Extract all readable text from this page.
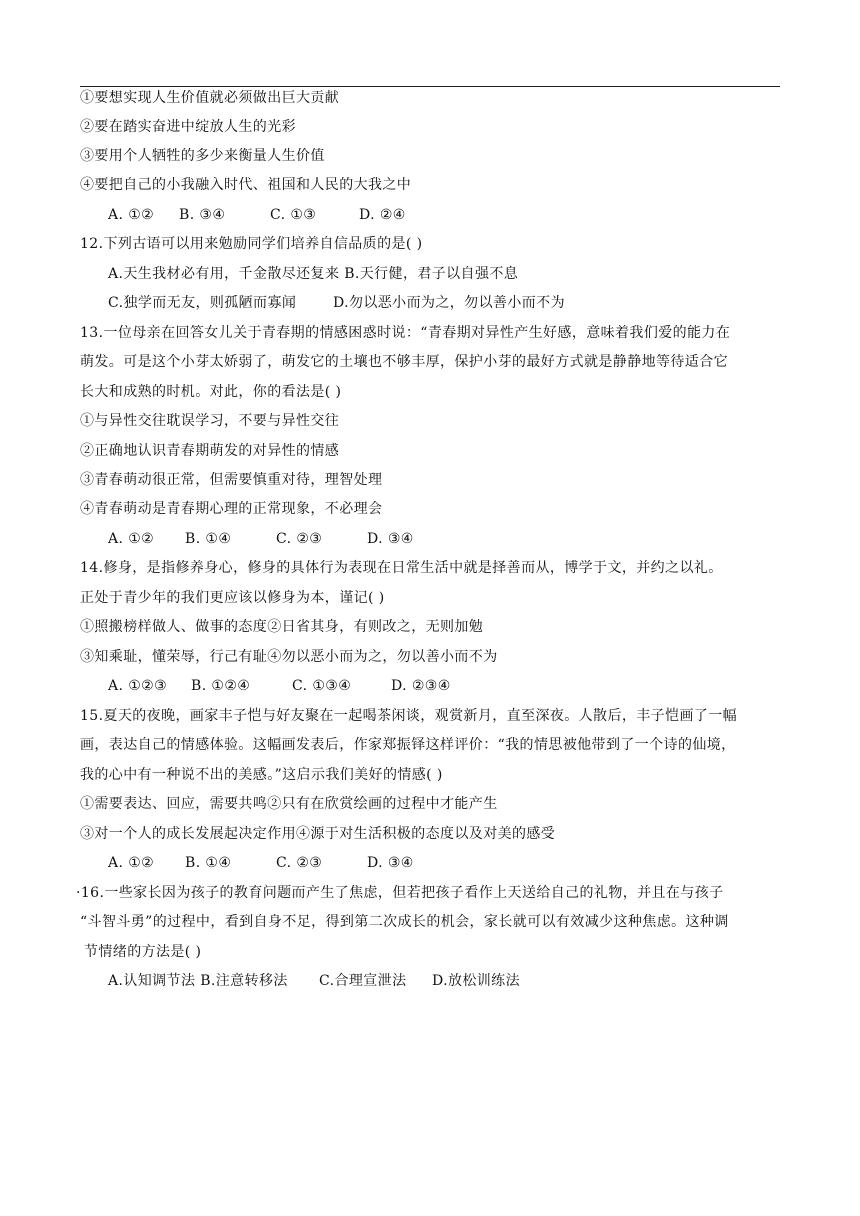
①要想实现人生价值就必须做出巨大贡献
②要在踏实奋进中绽放人生的光彩
③要用个人牺牲的多少来衡量人生价值
④要把自己的小我融入时代、祖国和人民的大我之中
A. ①② B. ③④	C. ①③	D. ②④
12.下列古语可以用来勉励同学们培养自信品质的是( )
A.天生我材必有用，千金散尽还复来 B.天行健，君子以自强不息
C.独学而无友，则孤陋而寡闻	D.勿以恶小而为之，勿以善小而不为
13.一位母亲在回答女儿关于青春期的情感困惑时说：“青春期对异性产生好感，意味着我们爱的能力在
萌发。可是这个小芽太娇弱了，萌发它的土壤也不够丰厚，保护小芽的最好方式就是静静地等待适合它
长大和成熟的时机。对此，你的看法是( )
①与异性交往耽误学习，不要与异性交往
②正确地认识青春期萌发的对异性的情感
③青春萌动很正常，但需要慎重对待，理智处理
④青春萌动是青春期心理的正常现象，不必理会
A. ①② B. ①④	C. ②③	D. ③④
14.修身，是指修养身心，修身的具体行为表现在日常生活中就是择善而从，博学于文，并约之以礼。
正处于青少年的我们更应该以修身为本，谨记( )
①照搬榜样做人、做事的态度②日省其身，有则改之，无则加勉
③知乘耻，懂荣辱，行己有耻④勿以恶小而为之，勿以善小而不为
A. ①②③ B. ①②④	C. ①③④	D. ②③④
15.夏天的夜晚，画家丰子恺与好友聚在一起喝茶闲谈，观赏新月，直至深夜。人散后，丰子恺画了一幅
画，表达自己的情感体验。这幅画发表后，作家郑振铎这样评价：“我的情思被他带到了一个诗的仙境，
我的心中有一种说不出的美感。”这启示我们美好的情感( )
①需要表达、回应，需要共鸣②只有在欣赏绘画的过程中才能产生
③对一个人的成长发展起决定作用④源于对生活积极的态度以及对美的感受
A. ①② B. ①④	C. ②③	D. ③④
·16.一些家长因为孩子的教育问题而产生了焦虑，但若把孩子看作上天送给自己的礼物，并且在与孩子
“斗智斗勇”的过程中，看到自身不足，得到第二次成长的机会，家长就可以有效减少这种焦虑。这种调
节情绪的方法是( )
A.认知调节法 B.注意转移法 C.合理宣泄法 D.放松训练法
